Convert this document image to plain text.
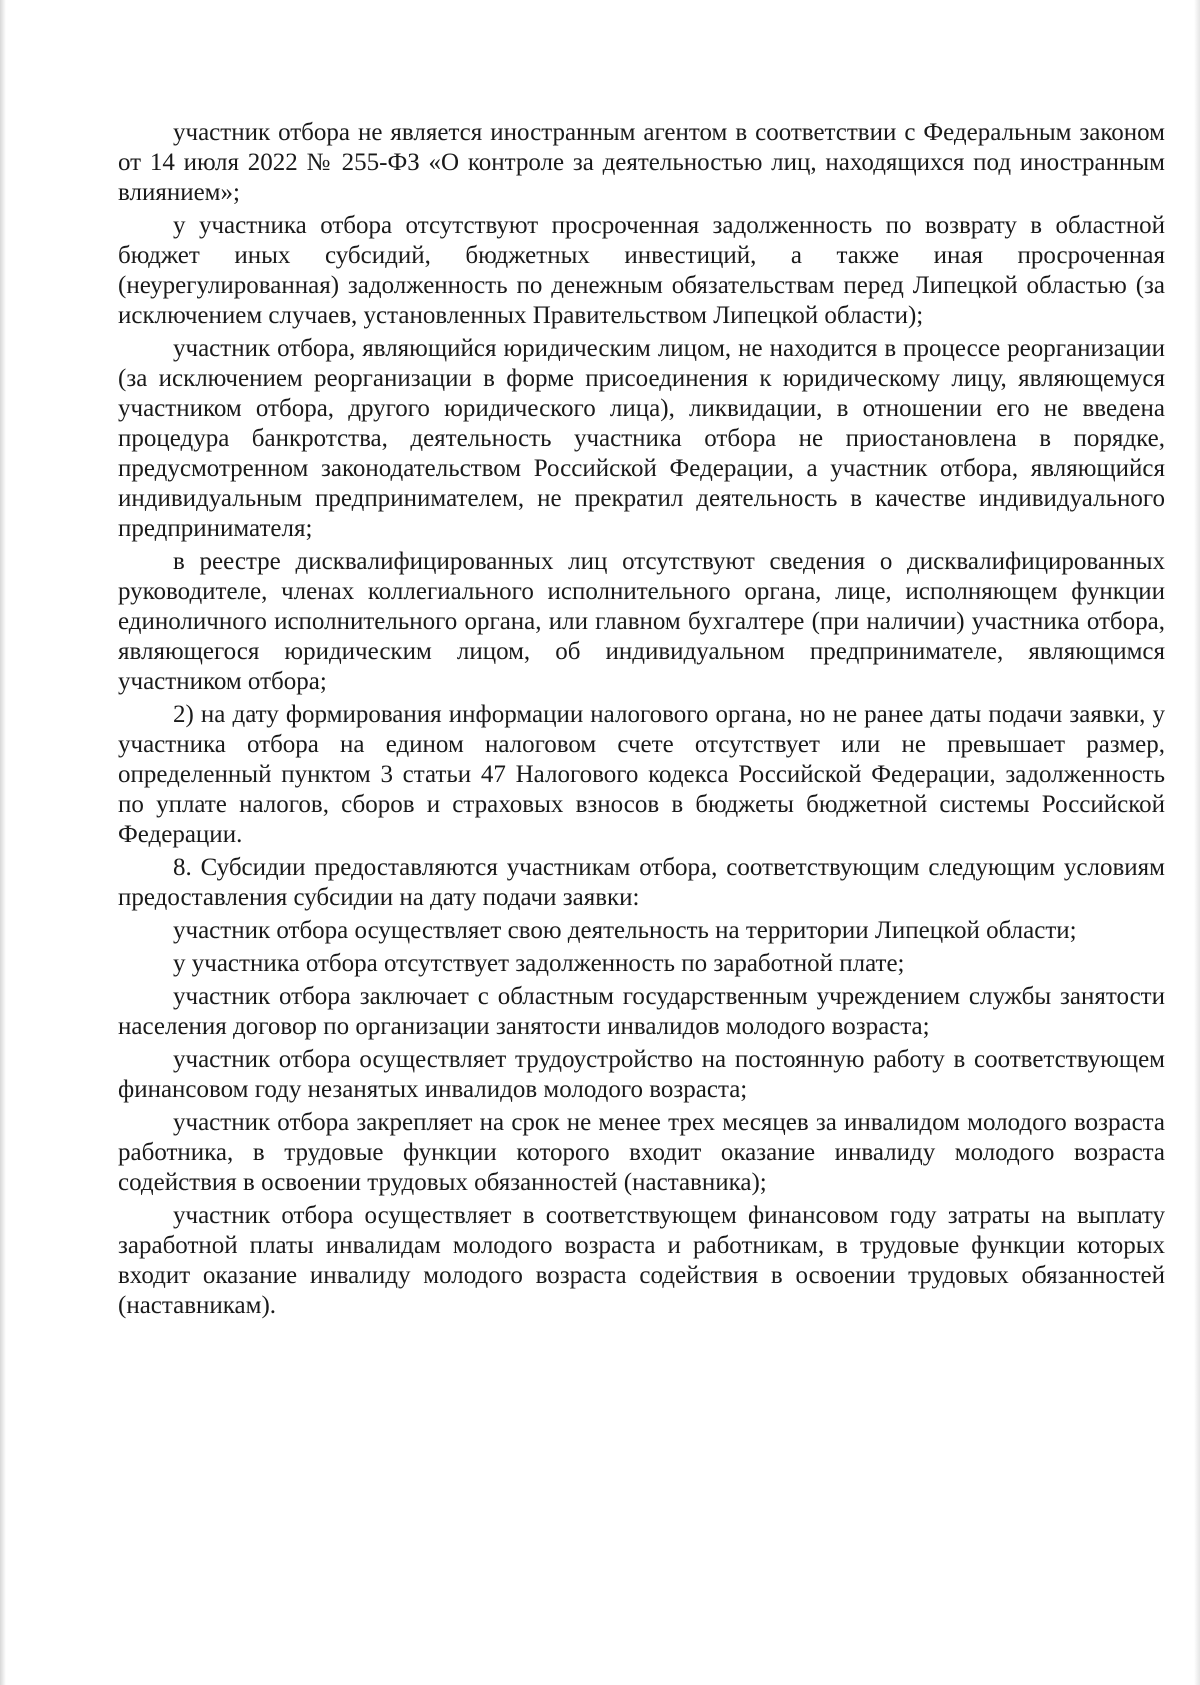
участник отбора не является иностранным агентом в соответствии с Федеральным законом от 14 июля 2022 № 255-ФЗ «О контроле за деятельностью лиц, находящихся под иностранным влиянием»;

у участника отбора отсутствуют просроченная задолженность по возврату в областной бюджет иных субсидий, бюджетных инвестиций, а также иная просроченная (неурегулированная) задолженность по денежным обязательствам перед Липецкой областью (за исключением случаев, установленных Правительством Липецкой области);

участник отбора, являющийся юридическим лицом, не находится в процессе реорганизации (за исключением реорганизации в форме присоединения к юридическому лицу, являющемуся участником отбора, другого юридического лица), ликвидации, в отношении его не введена процедура банкротства, деятельность участника отбора не приостановлена в порядке, предусмотренном законодательством Российской Федерации, а участник отбора, являющийся индивидуальным предпринимателем, не прекратил деятельность в качестве индивидуального предпринимателя;

в реестре дисквалифицированных лиц отсутствуют сведения о дисквалифицированных руководителе, членах коллегиального исполнительного органа, лице, исполняющем функции единоличного исполнительного органа, или главном бухгалтере (при наличии) участника отбора, являющегося юридическим лицом, об индивидуальном предпринимателе, являющимся участником отбора;

2) на дату формирования информации налогового органа, но не ранее даты подачи заявки, у участника отбора на едином налоговом счете отсутствует или не превышает размер, определенный пунктом 3 статьи 47 Налогового кодекса Российской Федерации, задолженность по уплате налогов, сборов и страховых взносов в бюджеты бюджетной системы Российской Федерации.

8. Субсидии предоставляются участникам отбора, соответствующим следующим условиям предоставления субсидии на дату подачи заявки:

участник отбора осуществляет свою деятельность на территории Липецкой области;

у участника отбора отсутствует задолженность по заработной плате;

участник отбора заключает с областным государственным учреждением службы занятости населения договор по организации занятости инвалидов молодого возраста;

участник отбора осуществляет трудоустройство на постоянную работу в соответствующем финансовом году незанятых инвалидов молодого возраста;

участник отбора закрепляет на срок не менее трех месяцев за инвалидом молодого возраста работника, в трудовые функции которого входит оказание инвалиду молодого возраста содействия в освоении трудовых обязанностей (наставника);

участник отбора осуществляет в соответствующем финансовом году затраты на выплату заработной платы инвалидам молодого возраста и работникам, в трудовые функции которых входит оказание инвалиду молодого возраста содействия в освоении трудовых обязанностей (наставникам).
